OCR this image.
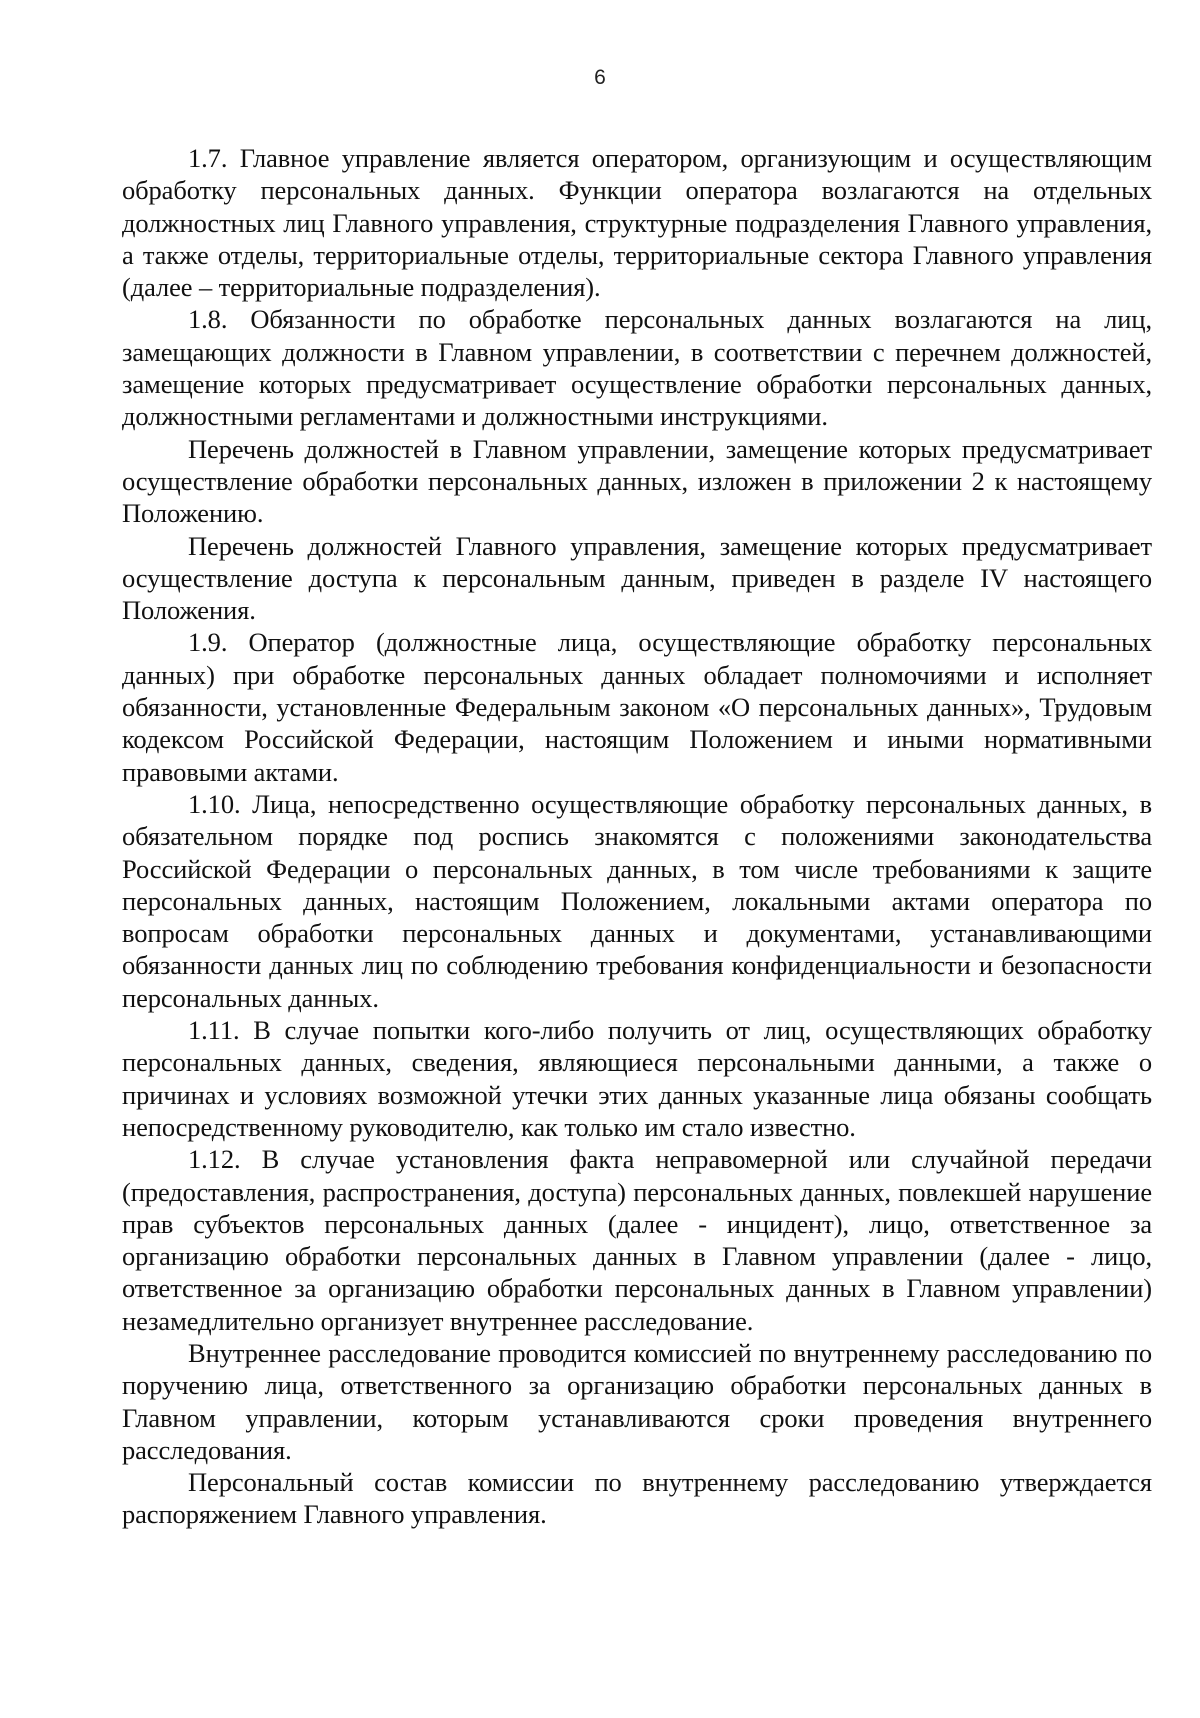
6

1.7. Главное управление является оператором, организующим и осуществляющим обработку персональных данных. Функции оператора возлагаются на отдельных должностных лиц Главного управления, структурные подразделения Главного управления, а также отделы, территориальные отделы, территориальные сектора Главного управления (далее – территориальные подразделения).

1.8. Обязанности по обработке персональных данных возлагаются на лиц, замещающих должности в Главном управлении, в соответствии с перечнем должностей, замещение которых предусматривает осуществление обработки персональных данных, должностными регламентами и должностными инструкциями.

Перечень должностей в Главном управлении, замещение которых предусматривает осуществление обработки персональных данных, изложен в приложении 2 к настоящему Положению.

Перечень должностей Главного управления, замещение которых предусматривает осуществление доступа к персональным данным, приведен в разделе IV настоящего Положения.

1.9. Оператор (должностные лица, осуществляющие обработку персональных данных) при обработке персональных данных обладает полномочиями и исполняет обязанности, установленные Федеральным законом «О персональных данных», Трудовым кодексом Российской Федерации, настоящим Положением и иными нормативными правовыми актами.

1.10. Лица, непосредственно осуществляющие обработку персональных данных, в обязательном порядке под роспись знакомятся с положениями законодательства Российской Федерации о персональных данных, в том числе требованиями к защите персональных данных, настоящим Положением, локальными актами оператора по вопросам обработки персональных данных и документами, устанавливающими обязанности данных лиц по соблюдению требования конфиденциальности и безопасности персональных данных.

1.11. В случае попытки кого-либо получить от лиц, осуществляющих обработку персональных данных, сведения, являющиеся персональными данными, а также о причинах и условиях возможной утечки этих данных указанные лица обязаны сообщать непосредственному руководителю, как только им стало известно.

1.12. В случае установления факта неправомерной или случайной передачи (предоставления, распространения, доступа) персональных данных, повлекшей нарушение прав субъектов персональных данных (далее - инцидент), лицо, ответственное за организацию обработки персональных данных в Главном управлении (далее - лицо, ответственное за организацию обработки персональных данных в Главном управлении) незамедлительно организует внутреннее расследование.

Внутреннее расследование проводится комиссией по внутреннему расследованию по поручению лица, ответственного за организацию обработки персональных данных в Главном управлении, которым устанавливаются сроки проведения внутреннего расследования.

Персональный состав комиссии по внутреннему расследованию утверждается распоряжением Главного управления.
